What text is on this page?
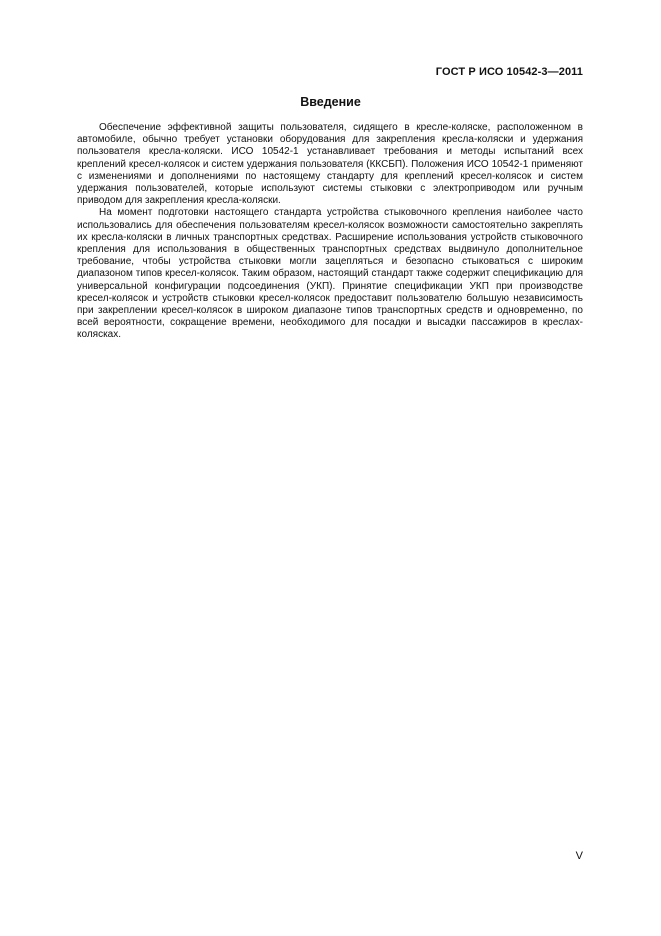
ГОСТ Р ИСО 10542-3—2011
Введение

Обеспечение эффективной защиты пользователя, сидящего в кресле-коляске, расположенном в автомобиле, обычно требует установки оборудования для закрепления кресла-коляски и удержания пользователя кресла-коляски. ИСО 10542-1 устанавливает требования и методы испытаний всех креплений кресел-колясок и систем удержания пользователя (ККСБП). Положения ИСО 10542-1 применяют с изменениями и дополнениями по настоящему стандарту для креплений кресел-колясок и систем удержания пользователей, которые используют системы стыковки с электроприводом или ручным приводом для закрепления кресла-коляски.

На момент подготовки настоящего стандарта устройства стыковочного крепления наиболее часто использовались для обеспечения пользователям кресел-колясок возможности самостоятельно закреплять их кресла-коляски в личных транспортных средствах. Расширение использования устройств стыковочного крепления для использования в общественных транспортных средствах выдвинуло дополнительное требование, чтобы устройства стыковки могли зацепляться и безопасно стыковаться с широким диапазоном типов кресел-колясок. Таким образом, настоящий стандарт также содержит спецификацию для универсальной конфигурации подсоединения (УКП). Принятие спецификации УКП при производстве кресел-колясок и устройств стыковки кресел-колясок предоставит пользователю большую независимость при закреплении кресел-колясок в широком диапазоне типов транспортных средств и одновременно, по всей вероятности, сокращение времени, необходимого для посадки и высадки пассажиров в креслах-колясках.

V
